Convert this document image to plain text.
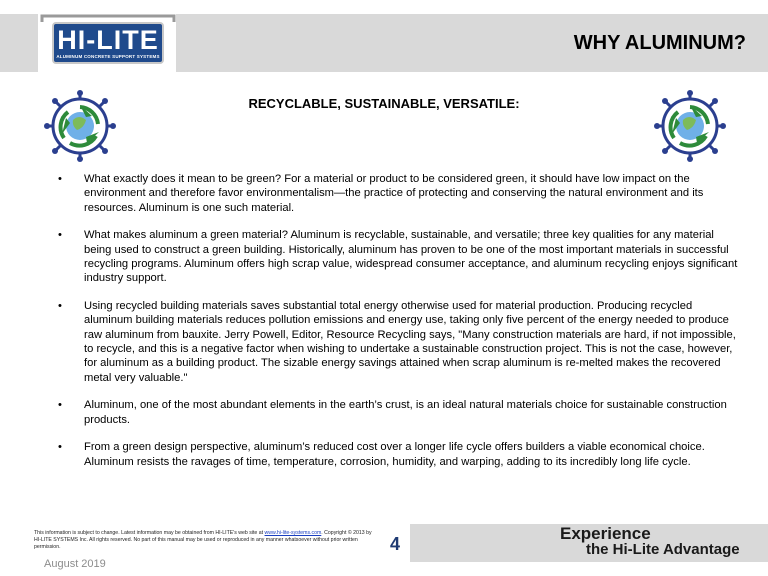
HI-LITE
ALUMINUM CONCRETE SUPPORT SYSTEMS
WHY ALUMINUM?
RECYCLABLE, SUSTAINABLE, VERSATILE:
• What exactly does it mean to be green? For a material or product to be considered green, it should have low impact on the environment and therefore favor environmentalism—the practice of protecting and conserving the natural environment and its resources. Aluminum is one such material.
• What makes aluminum a green material? Aluminum is recyclable, sustainable, and versatile; three key qualities for any material being used to construct a green building. Historically, aluminum has proven to be one of the most important materials in successful recycling programs. Aluminum offers high scrap value, widespread consumer acceptance, and aluminum recycling enjoys significant industry support.
• Using recycled building materials saves substantial total energy otherwise used for material production. Producing recycled aluminum building materials reduces pollution emissions and energy use, taking only five percent of the energy needed to produce raw aluminum from bauxite. Jerry Powell, Editor, Resource Recycling says, "Many construction materials are hard, if not impossible, to recycle, and this is a negative factor when wishing to undertake a sustainable construction project. This is not the case, however, for aluminum as a building product. The sizable energy savings attained when scrap aluminum is re-melted makes the recovered metal very valuable."
• Aluminum, one of the most abundant elements in the earth’s crust, is an ideal natural materials choice for sustainable construction products.
• From a green design perspective, aluminum’s reduced cost over a longer life cycle offers builders a viable economical choice. Aluminum resists the ravages of time, temperature, corrosion, humidity, and warping, adding to its incredibly long life cycle.
This information is subject to change. Latest information may be obtained from HI-LITE's web site at www.hi-lite-systems.com. Copyright © 2013 by HI-LITE SYSTEMS Inc. All rights reserved. No part of this manual may be used or reproduced in any manner whatsoever without prior written permission.	4
Experience
the Hi-Lite Advantage
August 2019
